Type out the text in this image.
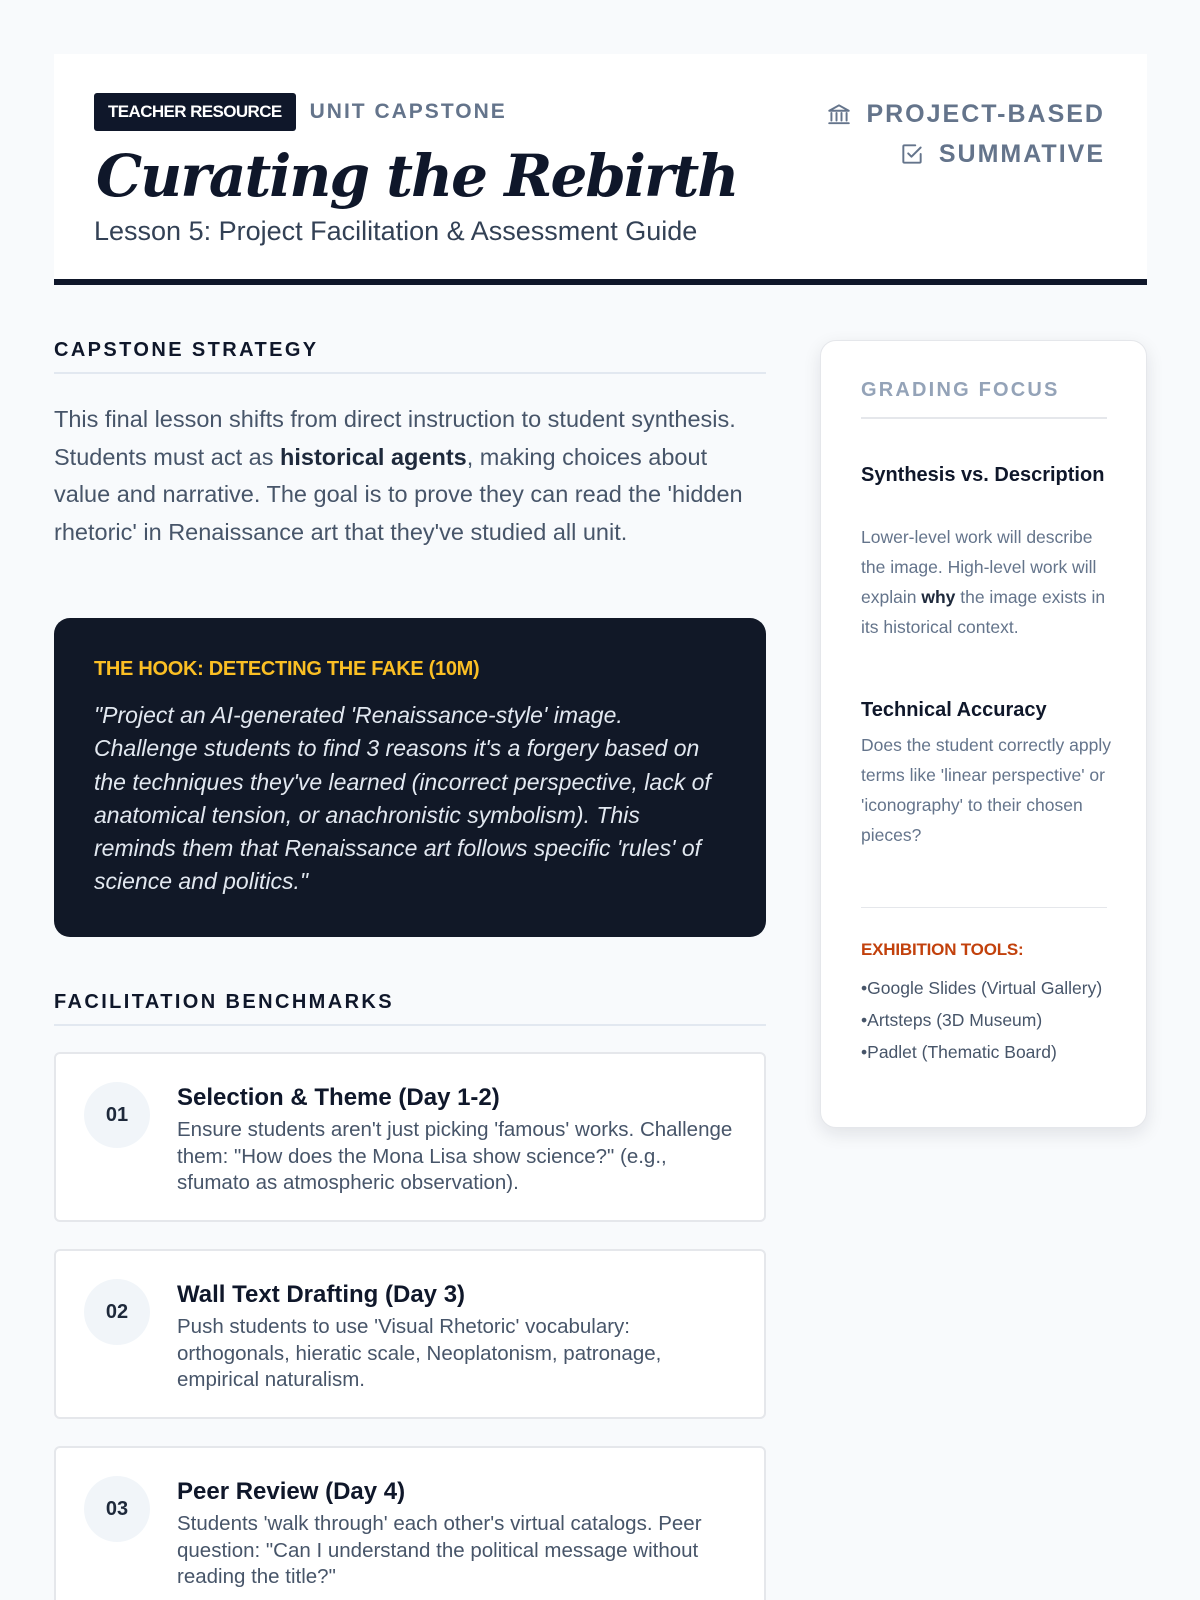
TEACHER RESOURCE	UNIT CAPSTONE
Curating the Rebirth
Lesson 5: Project Facilitation & Assessment Guide
PROJECT-BASED
SUMMATIVE
CAPSTONE STRATEGY

This final lesson shifts from direct instruction to student synthesis. Students must act as historical agents, making choices about value and narrative. The goal is to prove they can read the 'hidden rhetoric' in Renaissance art that they've studied all unit.

THE HOOK: DETECTING THE FAKE (10M)

"Project an AI-generated 'Renaissance-style' image. Challenge students to find 3 reasons it's a forgery based on the techniques they've learned (incorrect perspective, lack of anatomical tension, or anachronistic symbolism). This reminds them that Renaissance art follows specific 'rules' of science and politics."

FACILITATION BENCHMARKS
01
Selection & Theme (Day 1-2)
Ensure students aren't just picking 'famous' works. Challenge them: "How does the Mona Lisa show science?" (e.g., sfumato as atmospheric observation).
02
Wall Text Drafting (Day 3)
Push students to use 'Visual Rhetoric' vocabulary: orthogonals, hieratic scale, Neoplatonism, patronage, empirical naturalism.
03
Peer Review (Day 4)
Students 'walk through' each other's virtual catalogs. Peer question: "Can I understand the political message without reading the title?"
GRADING FOCUS
Synthesis vs. Description

Lower-level work will describe the image. High-level work will explain why the image exists in its historical context.

Technical Accuracy

Does the student correctly apply terms like 'linear perspective' or 'iconography' to their chosen pieces?

EXHIBITION TOOLS:
• Google Slides (Virtual Gallery)
• Artsteps (3D Museum)
• Padlet (Thematic Board)
